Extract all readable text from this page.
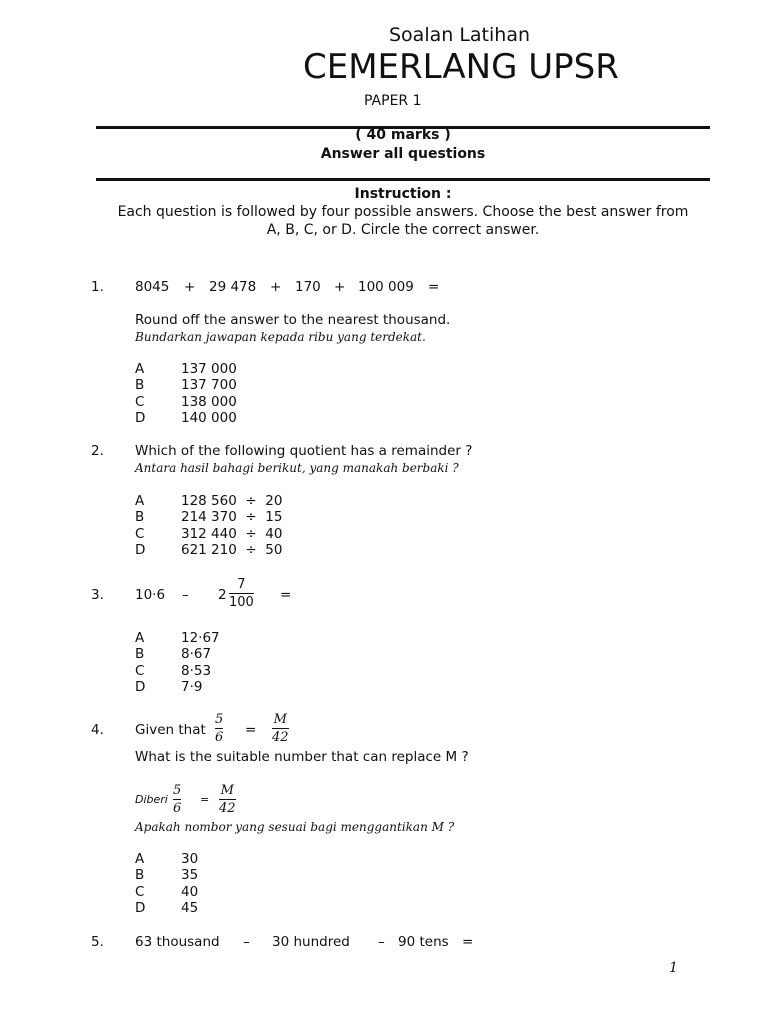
Soalan Latihan
CEMERLANG UPSR
PAPER 1
( 40 marks )
Answer all questions
Instruction :
Each question is followed by four possible answers. Choose the best answer from
A, B, C, or D. Circle the correct answer.
1. 8045 + 29 478 + 170 + 100 009 =
Round off the answer to the nearest thousand.
Bundarkan jawapan kepada ribu yang terdekat.
A	137 000
B	137 700
C	138 000
D	140 000
2. Which of the following quotient has a remainder ?
Antara hasil bahagi berikut, yang manakah berbaki ?
A	128 560  ÷  20
B	214 370  ÷  15
C	312 440  ÷  40
D	621 210  ÷  50
3. 10·6 – 2
7
100 =
A	12·67
B	8·67
C	8·53
D	7·9
4. Given that
5
6 =
M
42
What is the suitable number that can replace M ?
Diberi
5
6
=
M
42
Apakah nombor yang sesuai bagi menggantikan M ?
A	30
B	35
C	40
D	45
5. 63 thousand – 30 hundred – 90 tens =
1
